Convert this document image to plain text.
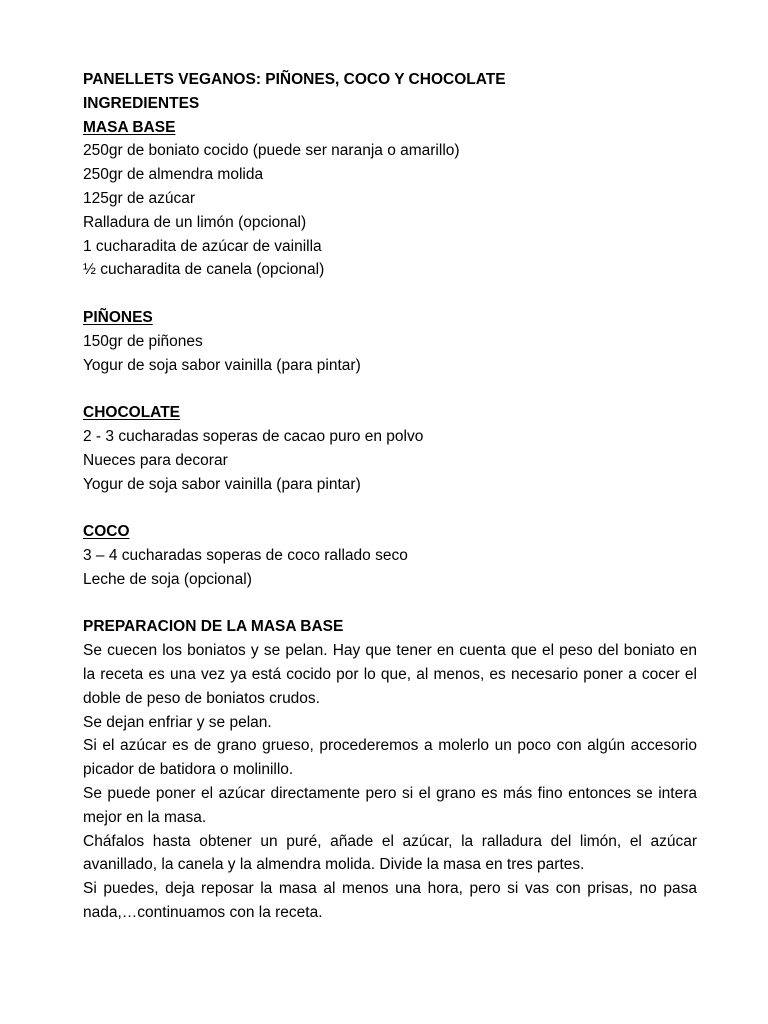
PANELLETS VEGANOS: PIÑONES, COCO Y CHOCOLATE
INGREDIENTES
MASA BASE
250gr de boniato cocido (puede ser naranja o amarillo)
250gr de almendra molida
125gr de azúcar
Ralladura de un limón (opcional)
1 cucharadita de azúcar de vainilla
½ cucharadita de canela (opcional)
PIÑONES
150gr de piñones
Yogur de soja sabor vainilla (para pintar)
CHOCOLATE
2 - 3 cucharadas soperas de cacao puro en polvo
Nueces para decorar
Yogur de soja sabor vainilla (para pintar)
COCO
3 – 4 cucharadas soperas de coco rallado seco
Leche de soja (opcional)
PREPARACION DE LA MASA BASE
Se cuecen los boniatos y se pelan. Hay que tener en cuenta que el peso del boniato en la receta es una vez ya está cocido por lo que, al menos, es necesario poner a cocer el doble de peso de boniatos crudos.
Se dejan enfriar y se pelan.
Si el azúcar es de grano grueso, procederemos a molerlo un poco con algún accesorio picador de batidora o molinillo.
Se puede poner el azúcar directamente pero si el grano es más fino entonces se intera mejor en la masa.
Cháfalos hasta obtener un puré, añade el azúcar, la ralladura del limón, el azúcar avanillado, la canela y la almendra molida. Divide la masa en tres partes.
Si puedes, deja reposar la masa al menos una hora, pero si vas con prisas, no pasa nada,…continuamos con la receta.
